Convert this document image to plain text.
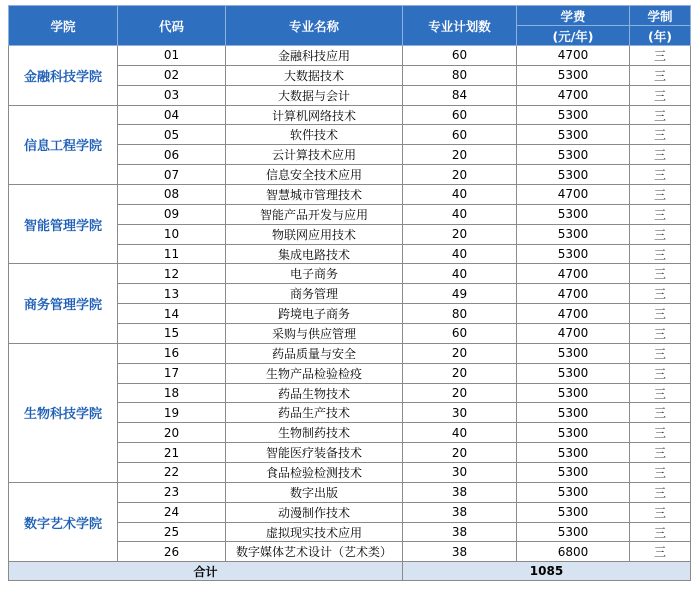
学院	代码	专业名称	专业计划数	学费	学制
				(元/年)	(年)
金融科技学院	01	金融科技应用	60	4700	三
	02	大数据技术	80	5300	三
	03	大数据与会计	84	4700	三
信息工程学院	04	计算机网络技术	60	5300	三
	05	软件技术	60	5300	三
	06	云计算技术应用	20	5300	三
	07	信息安全技术应用	20	5300	三
智能管理学院	08	智慧城市管理技术	40	4700	三
	09	智能产品开发与应用	40	5300	三
	10	物联网应用技术	20	5300	三
	11	集成电路技术	40	5300	三
商务管理学院	12	电子商务	40	4700	三
	13	商务管理	49	4700	三
	14	跨境电子商务	80	4700	三
	15	采购与供应管理	60	4700	三
生物科技学院	16	药品质量与安全	20	5300	三
	17	生物产品检验检疫	20	5300	三
	18	药品生物技术	20	5300	三
	19	药品生产技术	30	5300	三
	20	生物制药技术	40	5300	三
	21	智能医疗装备技术	20	5300	三
	22	食品检验检测技术	30	5300	三
数字艺术学院	23	数字出版	38	5300	三
	24	动漫制作技术	38	5300	三
	25	虚拟现实技术应用	38	5300	三
	26	数字媒体艺术设计（艺术类）	38	6800	三
合计			1085		
